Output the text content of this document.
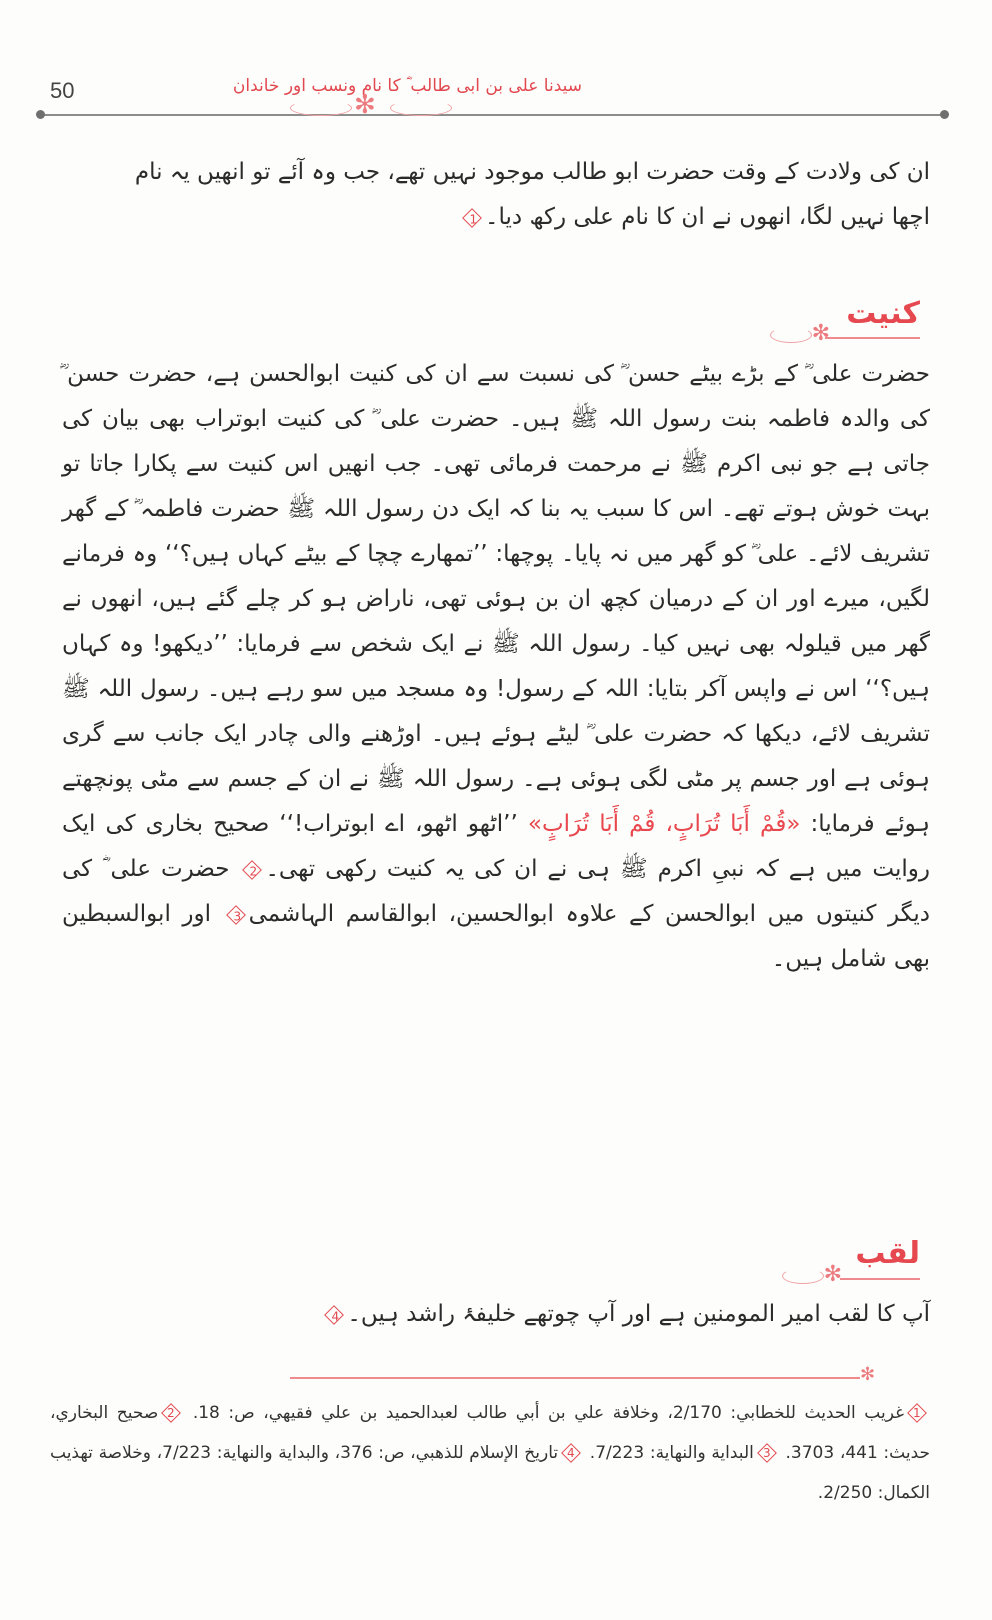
50	سیدنا علی بن ابی طالب ؓ کا نام ونسب اور خاندان
✻

ان کی ولادت کے وقت حضرت ابو طالب موجود نہیں تھے، جب وہ آئے تو انھیں یہ نام

اچھا نہیں لگا، انھوں نے ان کا نام علی رکھ دیا۔1

کنیت
✻

حضرت علی ؓ کے بڑے بیٹے حسن ؓ کی نسبت سے ان کی کنیت ابوالحسن ہے، حضرت حسن ؓ کی والدہ فاطمہ بنت رسول اللہ ﷺ ہیں۔ حضرت علی ؓ کی کنیت ابوتراب بھی بیان کی جاتی ہے جو نبی اکرم ﷺ نے مرحمت فرمائی تھی۔ جب انھیں اس کنیت سے پکارا جاتا تو بہت خوش ہوتے تھے۔ اس کا سبب یہ بنا کہ ایک دن رسول اللہ ﷺ حضرت فاطمہ ؓ کے گھر تشریف لائے۔ علی ؓ کو گھر میں نہ پایا۔ پوچھا: ’’تمھارے چچا کے بیٹے کہاں ہیں؟‘‘ وہ فرمانے لگیں، میرے اور ان کے درمیان کچھ ان بن ہوئی تھی، ناراض ہو کر چلے گئے ہیں، انھوں نے گھر میں قیلولہ بھی نہیں کیا۔ رسول اللہ ﷺ نے ایک شخص سے فرمایا: ’’دیکھو! وہ کہاں ہیں؟‘‘ اس نے واپس آکر بتایا: اللہ کے رسول! وہ مسجد میں سو رہے ہیں۔ رسول اللہ ﷺ تشریف لائے، دیکھا کہ حضرت علی ؓ لیٹے ہوئے ہیں۔ اوڑھنے والی چادر ایک جانب سے گری ہوئی ہے اور جسم پر مٹی لگی ہوئی ہے۔ رسول اللہ ﷺ نے ان کے جسم سے مٹی پونچھتے ہوئے فرمایا: «قُمْ أَبَا تُرَابٍ، قُمْ أَبَا تُرَابٍ» ’’اٹھو اٹھو، اے ابوتراب!‘‘ صحیح بخاری کی ایک روایت میں ہے کہ نبیِ اکرم ﷺ ہی نے ان کی یہ کنیت رکھی تھی۔2 حضرت علی ؓ کی دیگر کنیتوں میں ابوالحسن کے علاوہ ابوالحسین، ابوالقاسم الہاشمی3 اور ابوالسبطین بھی شامل ہیں۔

لقب
✻

آپ کا لقب امیر المومنین ہے اور آپ چوتھے خلیفۂ راشد ہیں۔4

✻

1غريب الحديث للخطابي: 2/170، وخلافة علي بن أبي طالب لعبدالحميد بن علي فقيهي، ص: 18. 2صحيح البخاري، حديث: 441، 3703. 3البداية والنهاية: 7/223. 4تاريخ الإسلام للذهبي، ص: 376، والبداية والنهاية: 7/223، وخلاصة تهذيب الكمال: 2/250.
